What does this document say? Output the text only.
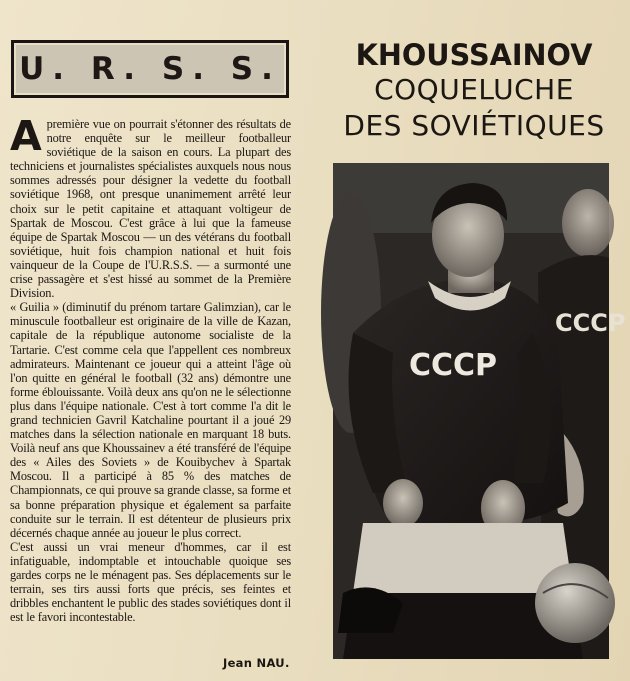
U. R. S. S.	KHOUSSAINOV
COQUELUCHE
DES SOVIÉTIQUES

Apremière vue on pourrait s'étonner des résultats de notre enquête sur le meilleur footballeur soviétique de la saison en cours. La plupart des techniciens et journalistes spécialistes auxquels nous nous sommes adressés pour désigner la vedette du football soviétique 1968, ont presque unanimement arrêté leur choix sur le petit capitaine et attaquant voltigeur de Spartak de Moscou. C'est grâce à lui que la fameuse équipe de Spartak Moscou — un des vétérans du football soviétique, huit fois champion national et huit fois vainqueur de la Coupe de l'U.R.S.S. — a surmonté une crise passagère et s'est hissé au sommet de la Première Division.

« Guilia » (diminutif du prénom tartare Galimzian), car le minuscule footballeur est originaire de la ville de Kazan, capitale de la république autonome socialiste de la Tartarie. C'est comme cela que l'appellent ces nombreux admirateurs. Maintenant ce joueur qui a atteint l'âge où l'on quitte en général le football (32 ans) démontre une forme éblouissante. Voilà deux ans qu'on ne le sélectionne plus dans l'équipe nationale. C'est à tort comme l'a dit le grand technicien Gavril Katchaline pourtant il a joué 29 matches dans la sélection nationale en marquant 18 buts. Voilà neuf ans que Khoussainev a été transféré de l'équipe des « Ailes des Soviets » de Kouibychev à Spartak Moscou. Il a participé à 85 % des matches de Championnats, ce qui prouve sa grande classe, sa forme et sa bonne préparation physique et également sa parfaite conduite sur le terrain. Il est détenteur de plusieurs prix décernés chaque année au joueur le plus correct.

C'est aussi un vrai meneur d'hommes, car il est infatiguable, indomptable et intouchable quoique ses gardes corps ne le ménagent pas. Ses déplacements sur le terrain, ses tirs aussi forts que précis, ses feintes et dribbles enchantent le public des stades soviétiques dont il est le favori incontestable.

Jean NAU.
СССР
СССР
